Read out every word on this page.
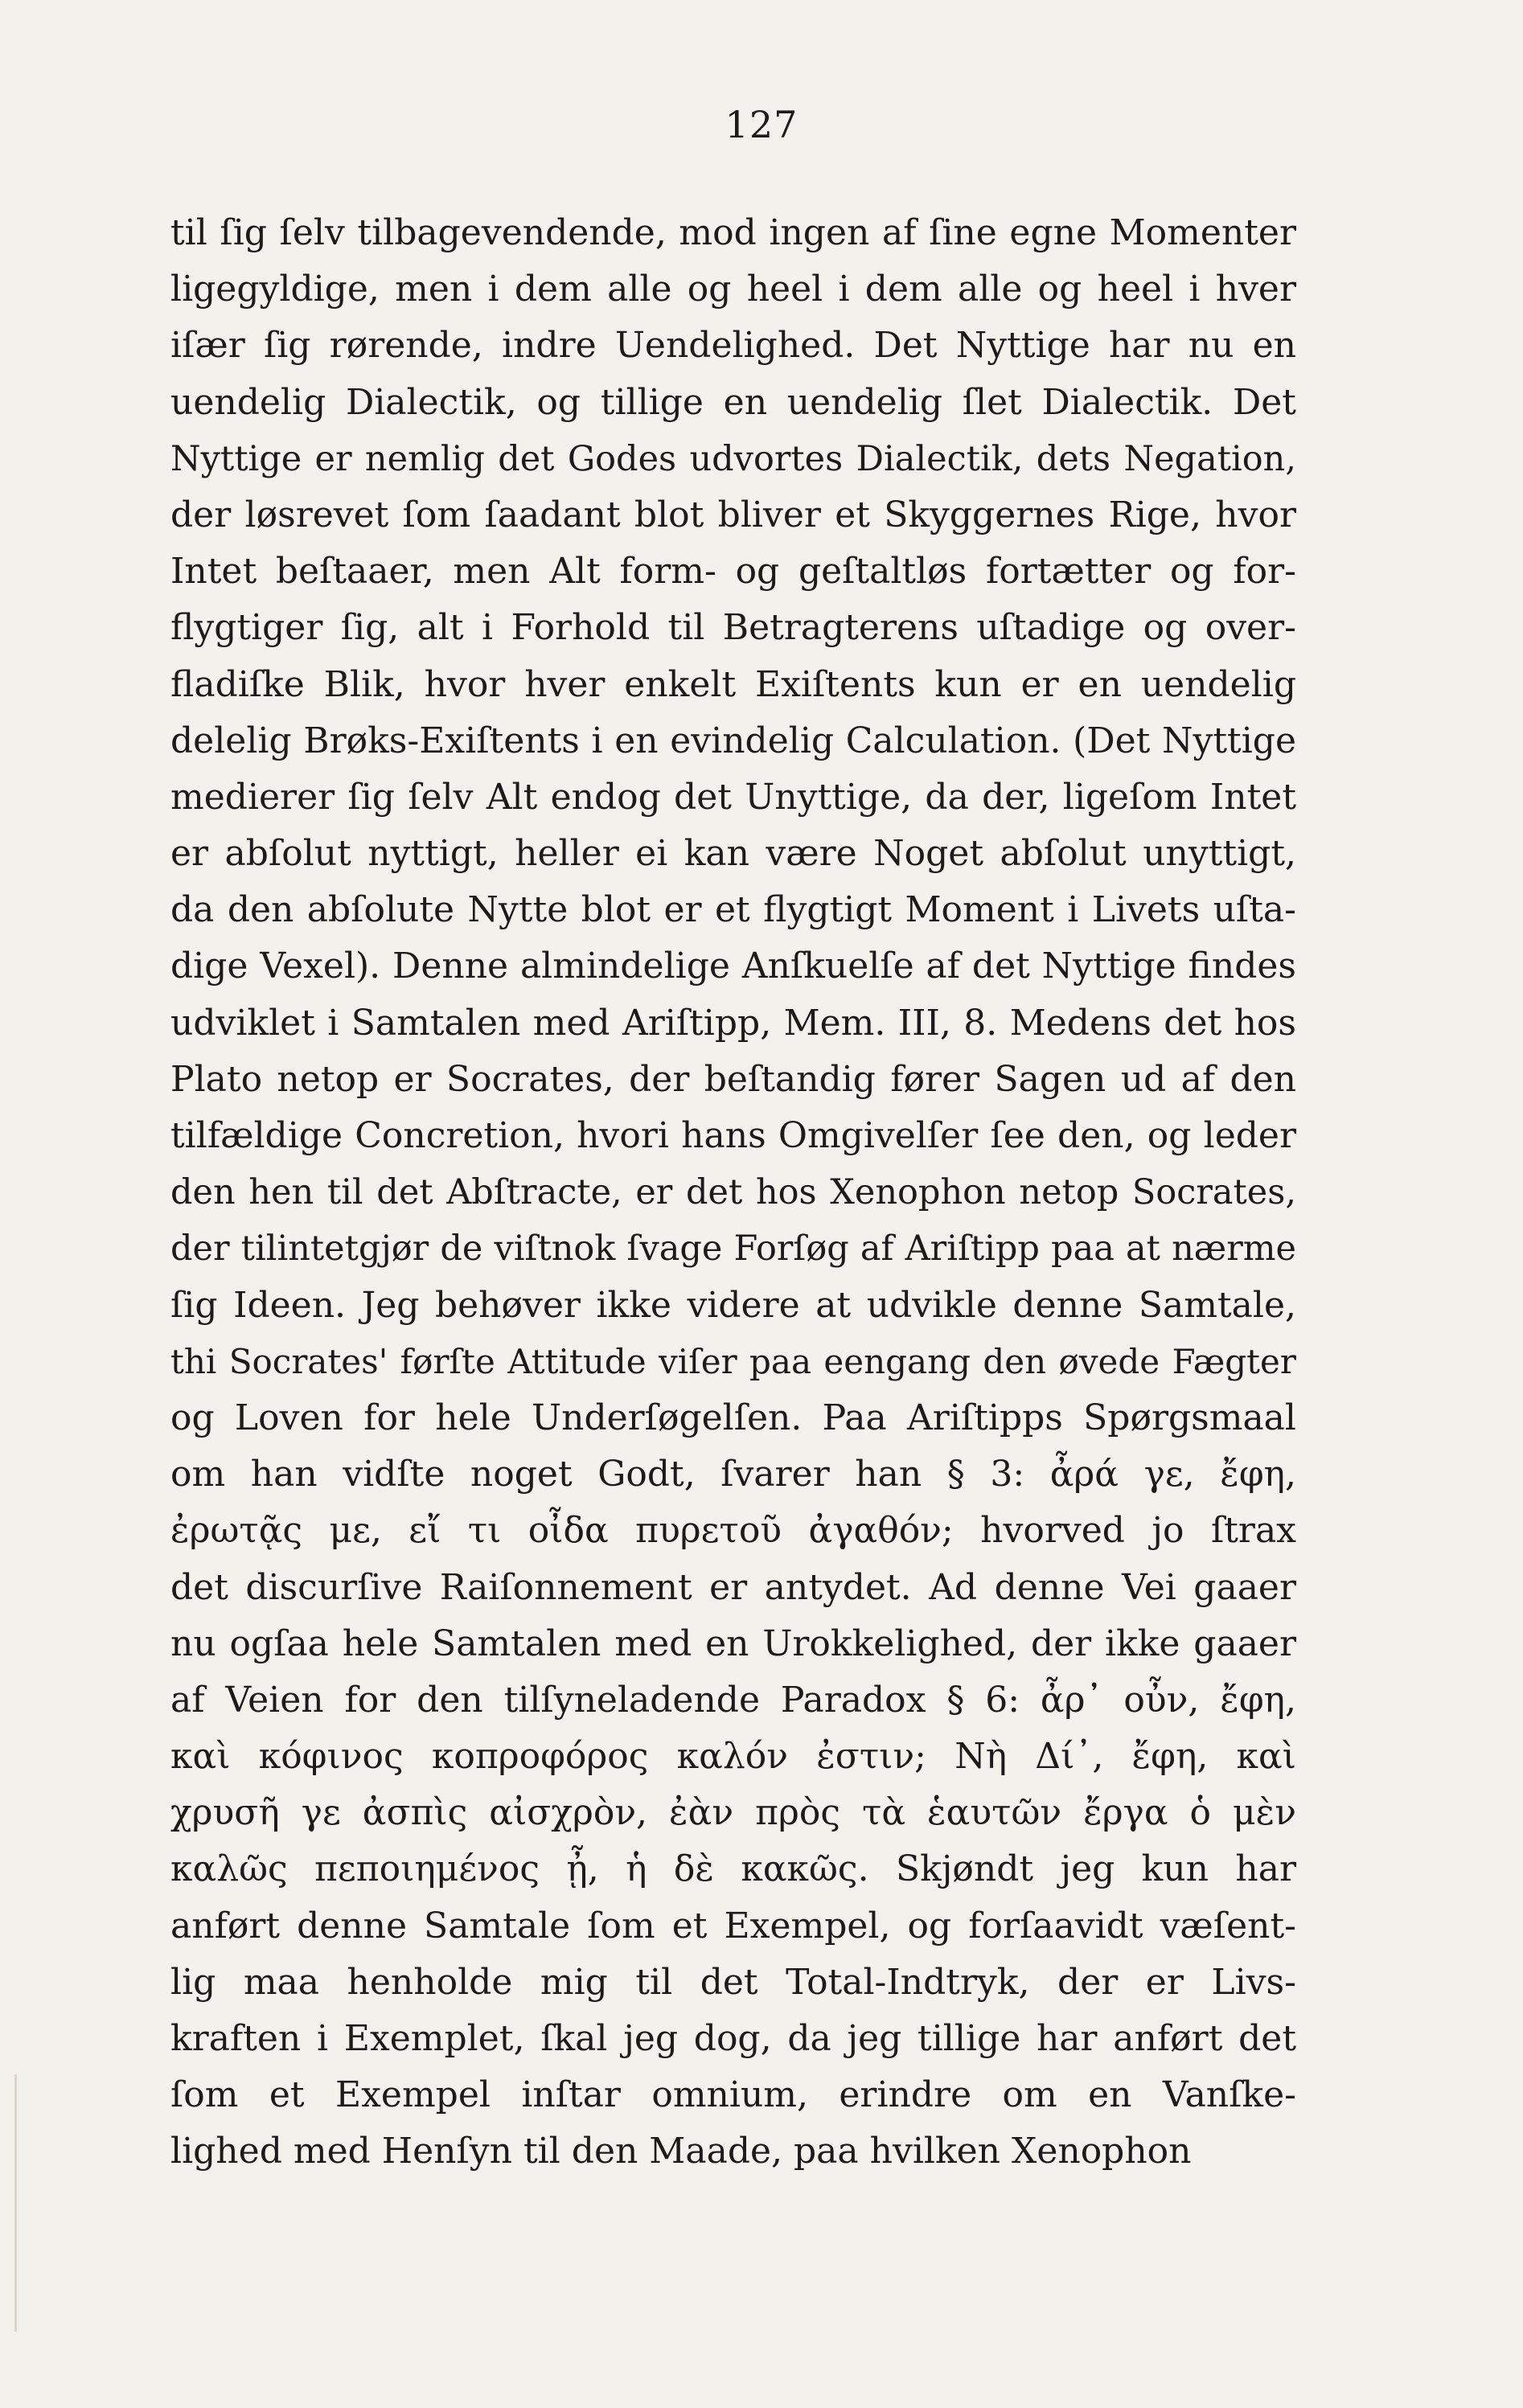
127
til ſig ſelv tilbagevendende, mod ingen af ſine egne Momenter
ligegyldige, men i dem alle og heel i dem alle og heel i hver
iſær ſig rørende, indre Uendelighed. Det Nyttige har nu en
uendelig Dialectik, og tillige en uendelig ſlet Dialectik. Det
Nyttige er nemlig det Godes udvortes Dialectik, dets Negation,
der løsrevet ſom ſaadant blot bliver et Skyggernes Rige, hvor
Intet beſtaaer, men Alt form- og geſtaltløs fortætter og for-
flygtiger ſig, alt i Forhold til Betragterens uſtadige og over-
fladiſke Blik, hvor hver enkelt Exiſtents kun er en uendelig
delelig Brøks-Exiſtents i en evindelig Calculation. (Det Nyttige
medierer ſig ſelv Alt endog det Unyttige, da der, ligeſom Intet
er abſolut nyttigt, heller ei kan være Noget abſolut unyttigt,
da den abſolute Nytte blot er et flygtigt Moment i Livets uſta-
dige Vexel). Denne almindelige Anſkuelſe af det Nyttige findes
udviklet i Samtalen med Ariſtipp, Mem. III, 8. Medens det hos
Plato netop er Socrates, der beſtandig fører Sagen ud af den
tilfældige Concretion, hvori hans Omgivelſer ſee den, og leder
den hen til det Abſtracte, er det hos Xenophon netop Socrates,
der tilintetgjør de viſtnok ſvage Forſøg af Ariſtipp paa at nærme
ſig Ideen. Jeg behøver ikke videre at udvikle denne Samtale,
thi Socrates' førſte Attitude viſer paa eengang den øvede Fægter
og Loven for hele Underſøgelſen. Paa Ariſtipps Spørgsmaal
om han vidſte noget Godt, ſvarer han § 3: ἆρά γε, ἔφη,
ἐρωτᾷς με, εἴ τι οἶδα πυρετοῦ ἀγαθόν; hvorved jo ſtrax
det discurſive Raiſonnement er antydet. Ad denne Vei gaaer
nu ogſaa hele Samtalen med en Urokkelighed, der ikke gaaer
af Veien for den tilſyneladende Paradox § 6: ἆρ᾽ οὖν, ἔφη,
καὶ κόφινος κοπροφόρος καλόν ἐστιν; Νὴ Δί᾽, ἔφη, καὶ
χρυσῆ γε ἀσπὶς αἰσχρὸν, ἐὰν πρὸς τὰ ἑαυτῶν ἔργα ὁ μὲν
καλῶς πεποιημένος ᾖ, ἡ δὲ κακῶς. Skjøndt jeg kun har
anført denne Samtale ſom et Exempel, og forſaavidt væſent-
lig maa henholde mig til det Total-Indtryk, der er Livs-
kraften i Exemplet, ſkal jeg dog, da jeg tillige har anført det
ſom et Exempel inſtar omnium, erindre om en Vanſke-
lighed med Henſyn til den Maade, paa hvilken Xenophon
